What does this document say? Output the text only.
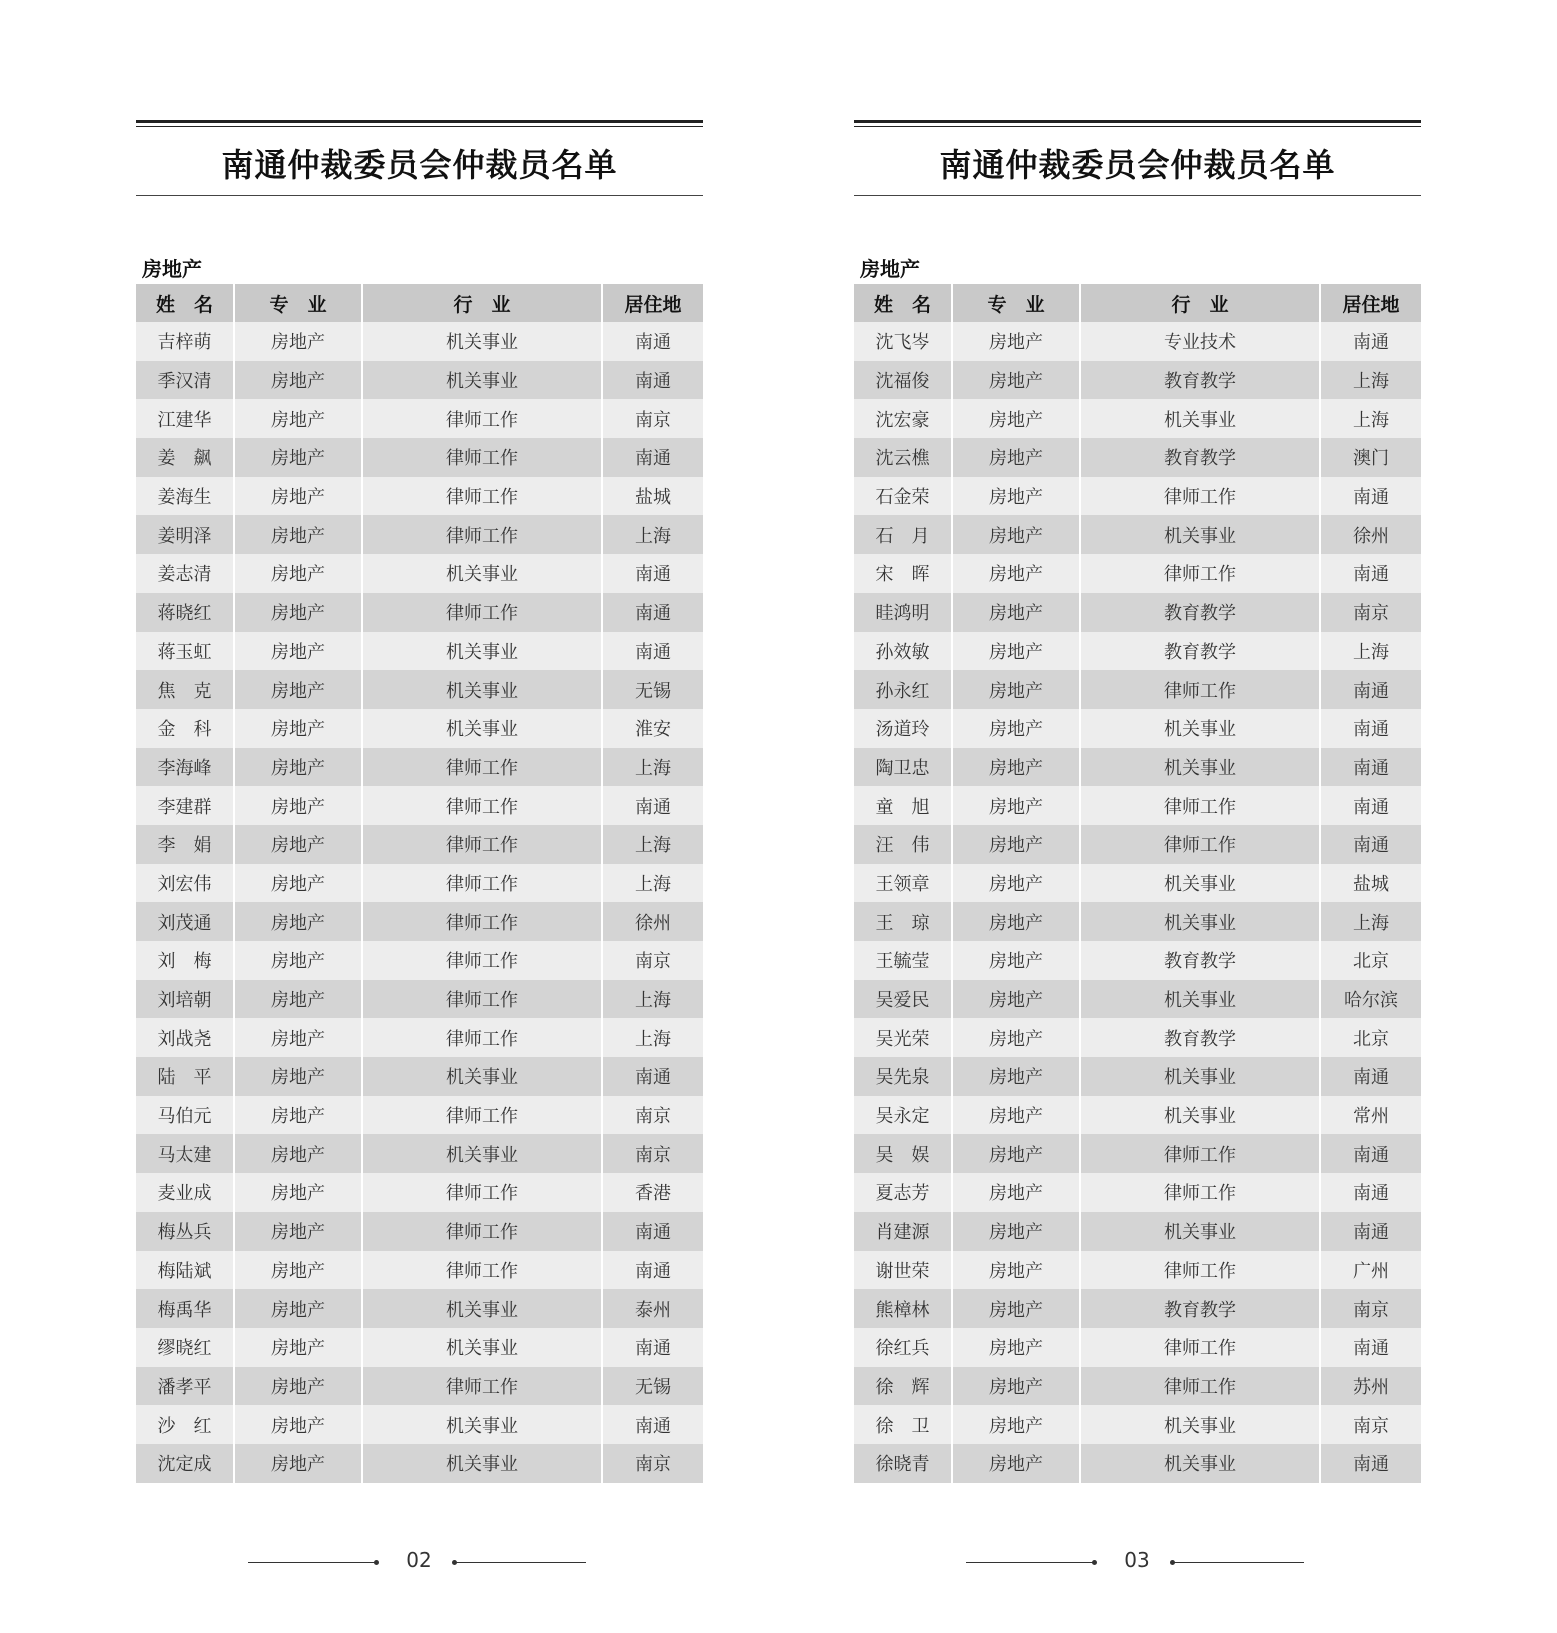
南通仲裁委员会仲裁员名单
房地产
姓　名	专　业	行　业	居住地
吉梓萌	房地产	机关事业	南通
季汉清	房地产	机关事业	南通
江建华	房地产	律师工作	南京
姜　飙	房地产	律师工作	南通
姜海生	房地产	律师工作	盐城
姜明泽	房地产	律师工作	上海
姜志清	房地产	机关事业	南通
蒋晓红	房地产	律师工作	南通
蒋玉虹	房地产	机关事业	南通
焦　克	房地产	机关事业	无锡
金　科	房地产	机关事业	淮安
李海峰	房地产	律师工作	上海
李建群	房地产	律师工作	南通
李　娟	房地产	律师工作	上海
刘宏伟	房地产	律师工作	上海
刘茂通	房地产	律师工作	徐州
刘　梅	房地产	律师工作	南京
刘培朝	房地产	律师工作	上海
刘战尧	房地产	律师工作	上海
陆　平	房地产	机关事业	南通
马伯元	房地产	律师工作	南京
马太建	房地产	机关事业	南京
麦业成	房地产	律师工作	香港
梅丛兵	房地产	律师工作	南通
梅陆斌	房地产	律师工作	南通
梅禹华	房地产	机关事业	泰州
缪晓红	房地产	机关事业	南通
潘孝平	房地产	律师工作	无锡
沙　红	房地产	机关事业	南通
沈定成	房地产	机关事业	南京
02
南通仲裁委员会仲裁员名单
房地产
姓　名	专　业	行　业	居住地
沈飞岑	房地产	专业技术	南通
沈福俊	房地产	教育教学	上海
沈宏豪	房地产	机关事业	上海
沈云樵	房地产	教育教学	澳门
石金荣	房地产	律师工作	南通
石　月	房地产	机关事业	徐州
宋　晖	房地产	律师工作	南通
眭鸿明	房地产	教育教学	南京
孙效敏	房地产	教育教学	上海
孙永红	房地产	律师工作	南通
汤道玲	房地产	机关事业	南通
陶卫忠	房地产	机关事业	南通
童　旭	房地产	律师工作	南通
汪　伟	房地产	律师工作	南通
王领章	房地产	机关事业	盐城
王　琼	房地产	机关事业	上海
王毓莹	房地产	教育教学	北京
吴爱民	房地产	机关事业	哈尔滨
吴光荣	房地产	教育教学	北京
吴先泉	房地产	机关事业	南通
吴永定	房地产	机关事业	常州
吴　娱	房地产	律师工作	南通
夏志芳	房地产	律师工作	南通
肖建源	房地产	机关事业	南通
谢世荣	房地产	律师工作	广州
熊樟林	房地产	教育教学	南京
徐红兵	房地产	律师工作	南通
徐　辉	房地产	律师工作	苏州
徐　卫	房地产	机关事业	南京
徐晓青	房地产	机关事业	南通
03
